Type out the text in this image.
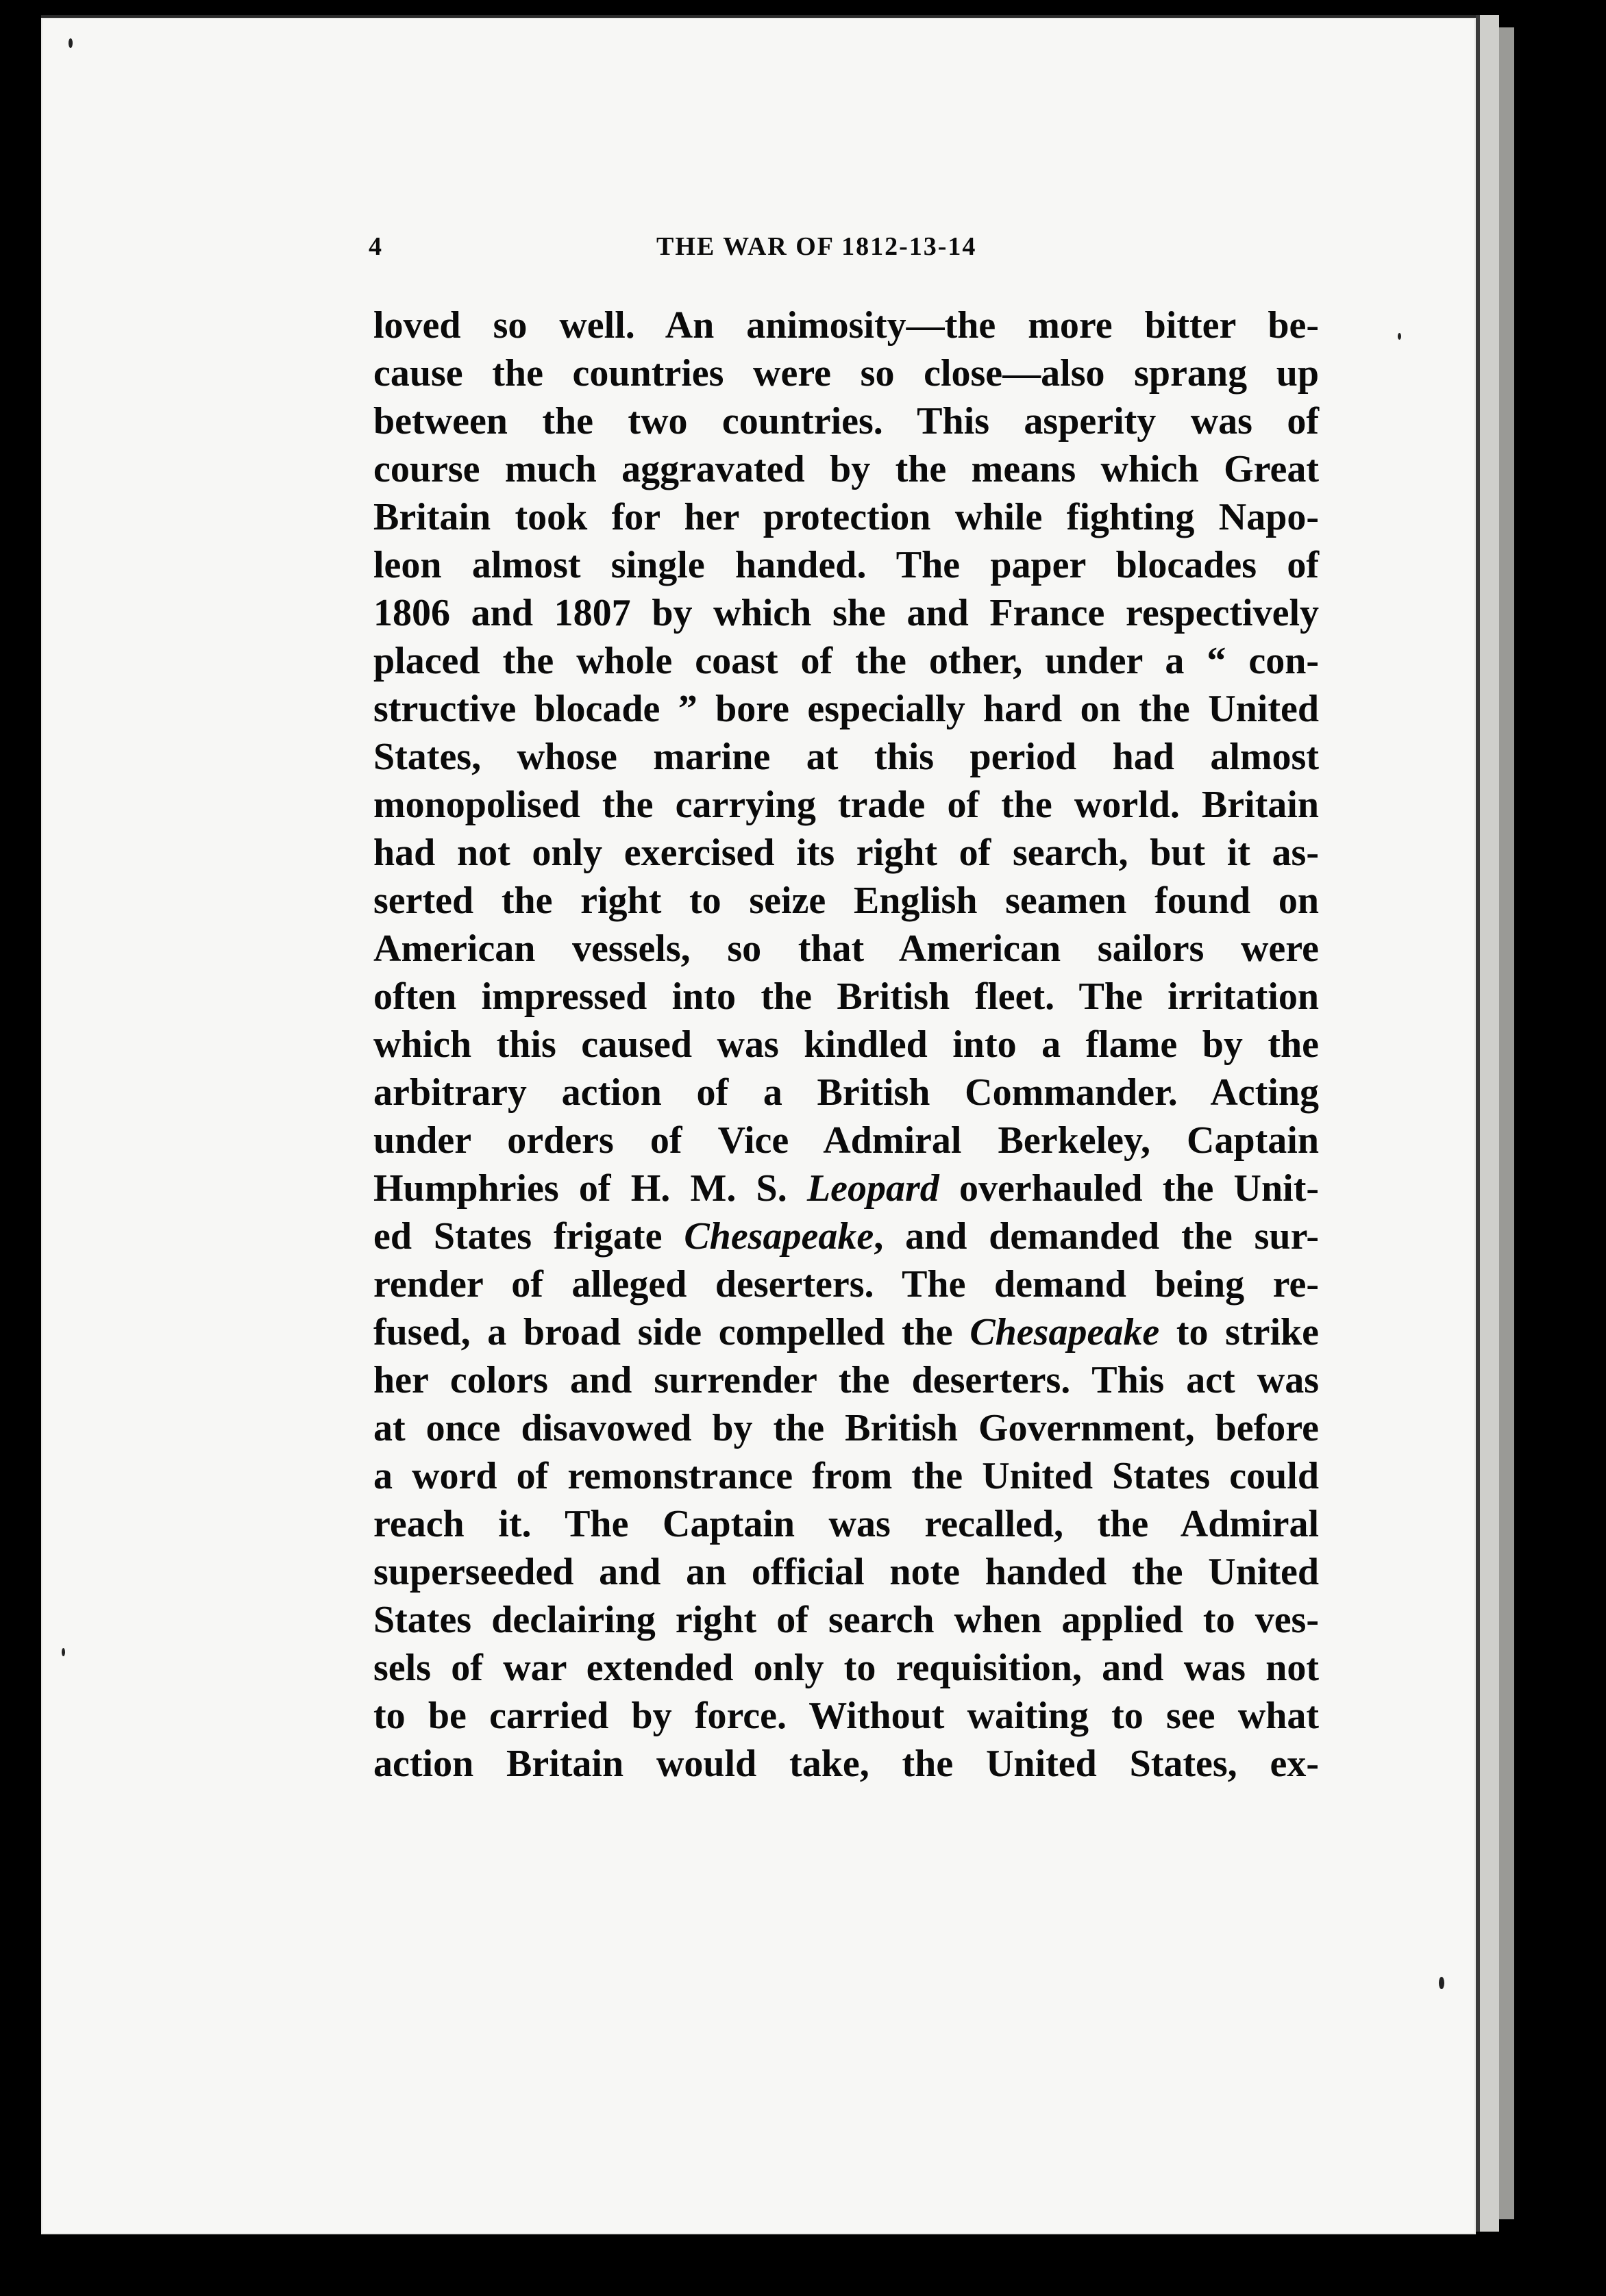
4	THE WAR OF 1812-13-14
loved so well. An animosity—the more bitter be-
cause the countries were so close—also sprang up
between the two countries. This asperity was of
course much aggravated by the means which Great
Britain took for her protection while fighting Napo-
leon almost single handed. The paper blocades of
1806 and 1807 by which she and France respectively
placed the whole coast of the other, under a “ con-
structive blocade ” bore especially hard on the United
States, whose marine at this period had almost
monopolised the carrying trade of the world. Britain
had not only exercised its right of search, but it as-
serted the right to seize English seamen found on
American vessels, so that American sailors were
often impressed into the British fleet. The irritation
which this caused was kindled into a flame by the
arbitrary action of a British Commander. Acting
under orders of Vice Admiral Berkeley, Captain
Humphries of H. M. S. Leopard overhauled the Unit-
ed States frigate Chesapeake, and demanded the sur-
render of alleged deserters. The demand being re-
fused, a broad side compelled the Chesapeake to strike
her colors and surrender the deserters. This act was
at once disavowed by the British Government, before
a word of remonstrance from the United States could
reach it. The Captain was recalled, the Admiral
superseeded and an official note handed the United
States declairing right of search when applied to ves-
sels of war extended only to requisition, and was not
to be carried by force. Without waiting to see what
action Britain would take, the United States, ex-
